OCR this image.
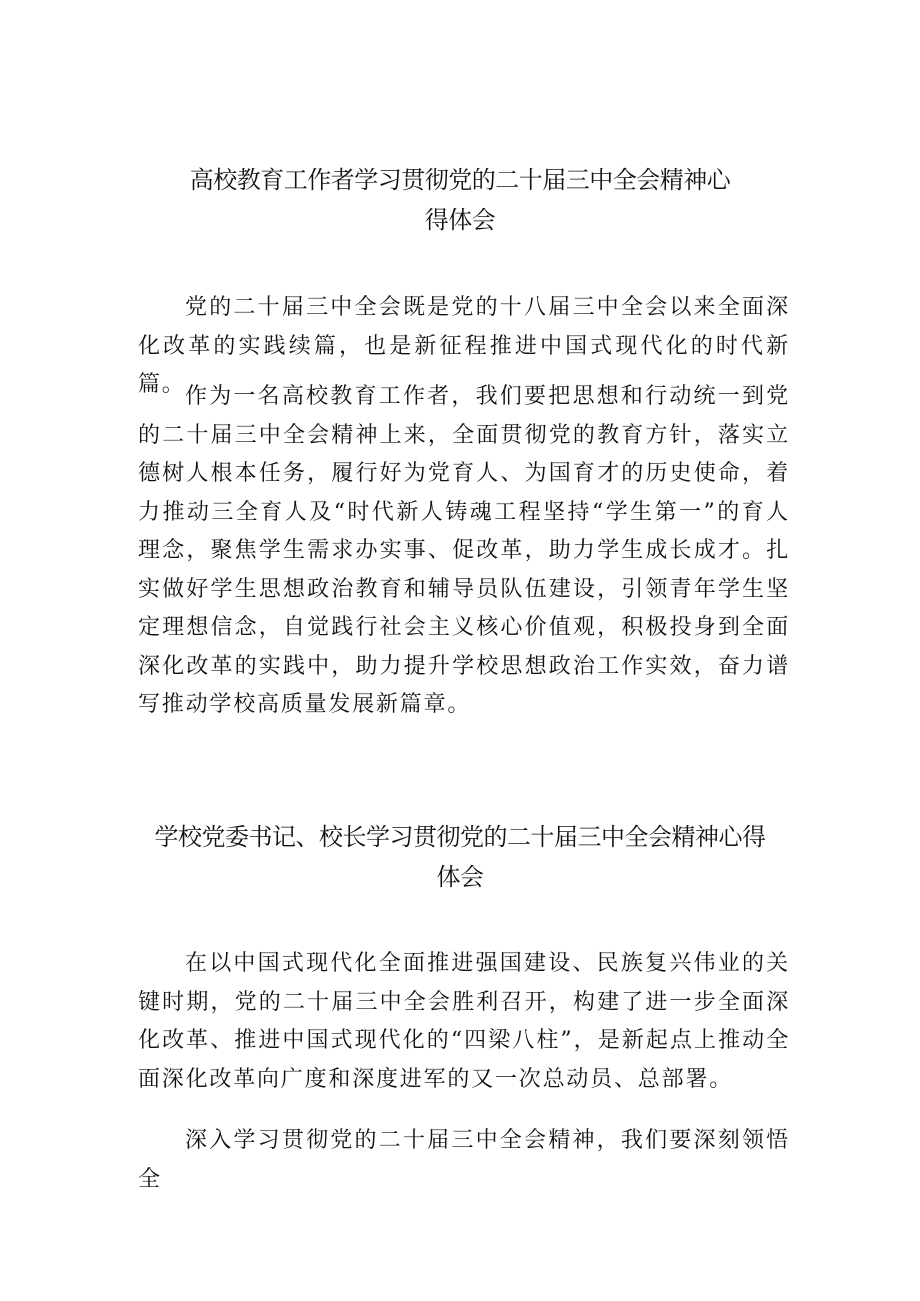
高校教育工作者学习贯彻党的二十届三中全会精神心
得体会

党的二十届三中全会既是党的十八届三中全会以来全面深化改革的实践续篇，也是新征程推进中国式现代化的时代新篇。 作为一名高校教育工作者，我们要把思想和行动统一到党的二十届三中全会精神上来，全面贯彻党的教育方针，落实立德树人根本任务，履行好为党育人、为国育才的历史使命，着力推动三全育人及“时代新人铸魂工程坚持“学生第一”的育人理念，聚焦学生需求办实事、促改革，助力学生成长成才。扎实做好学生思想政治教育和辅导员队伍建设，引领青年学生坚定理想信念，自觉践行社会主义核心价值观，积极投身到全面深化改革的实践中，助力提升学校思想政治工作实效，奋力谱写推动学校高质量发展新篇章。

学校党委书记、校长学习贯彻党的二十届三中全会精神心得
体会

在以中国式现代化全面推进强国建设、民族复兴伟业的关键时期，党的二十届三中全会胜利召开，构建了进一步全面深化改革、推进中国式现代化的“四梁八柱”，是新起点上推动全面深化改革向广度和深度进军的又一次总动员、总部署。

深入学习贯彻党的二十届三中全会精神，我们要深刻领悟全
